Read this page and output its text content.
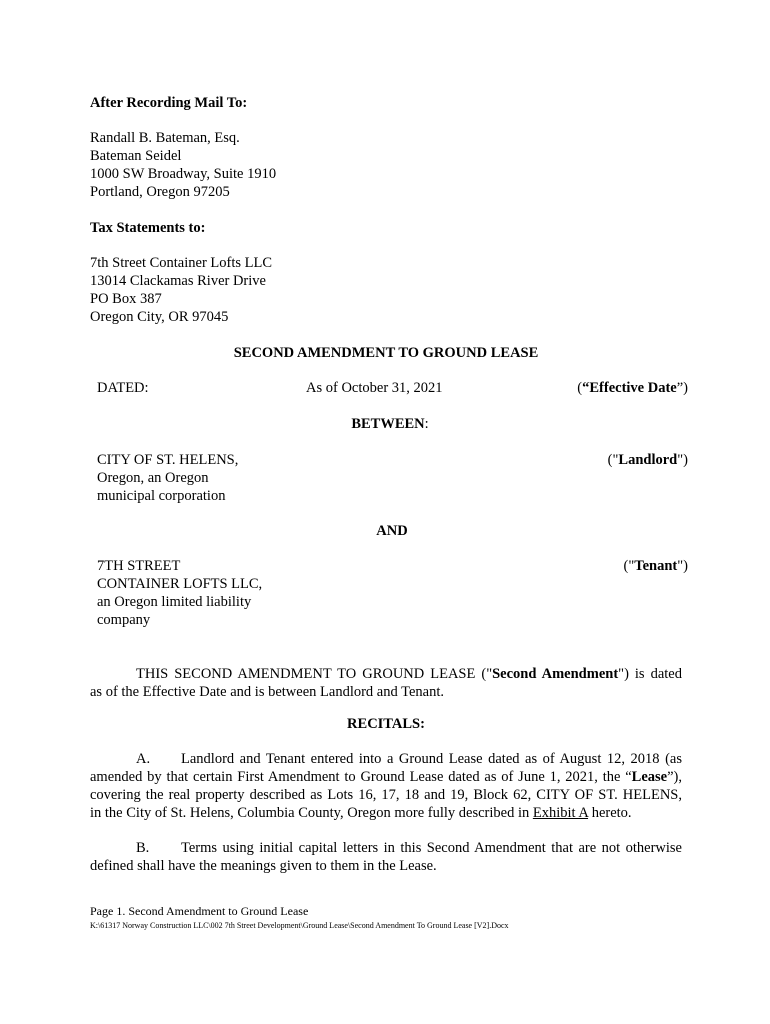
After Recording Mail To:
Randall B. Bateman, Esq.
Bateman Seidel
1000 SW Broadway, Suite 1910
Portland, Oregon 97205
Tax Statements to:
7th Street Container Lofts LLC
13014 Clackamas River Drive
PO Box 387
Oregon City, OR 97045
SECOND AMENDMENT TO GROUND LEASE
DATED:	As of October 31, 2021	(“Effective Date”)
BETWEEN:
CITY OF ST. HELENS,
Oregon, an Oregon
municipal corporation
("Landlord")
AND
7TH STREET
CONTAINER LOFTS LLC,
an Oregon limited liability
company
("Tenant")
THIS SECOND AMENDMENT TO GROUND LEASE ("Second Amendment") is dated
as of the Effective Date and is between Landlord and Tenant.
RECITALS:
A. Landlord and Tenant entered into a Ground Lease dated as of August 12, 2018 (as
amended by that certain First Amendment to Ground Lease dated as of June 1, 2021, the “Lease”),
covering the real property described as Lots 16, 17, 18 and 19, Block 62, CITY OF ST. HELENS,
in the City of St. Helens, Columbia County, Oregon more fully described in Exhibit A hereto.
B. Terms using initial capital letters in this Second Amendment that are not otherwise
defined shall have the meanings given to them in the Lease.
Page 1. Second Amendment to Ground Lease
K:\61317 Norway Construction LLC\002 7th Street Development\Ground Lease\Second Amendment To Ground Lease [V2].Docx
